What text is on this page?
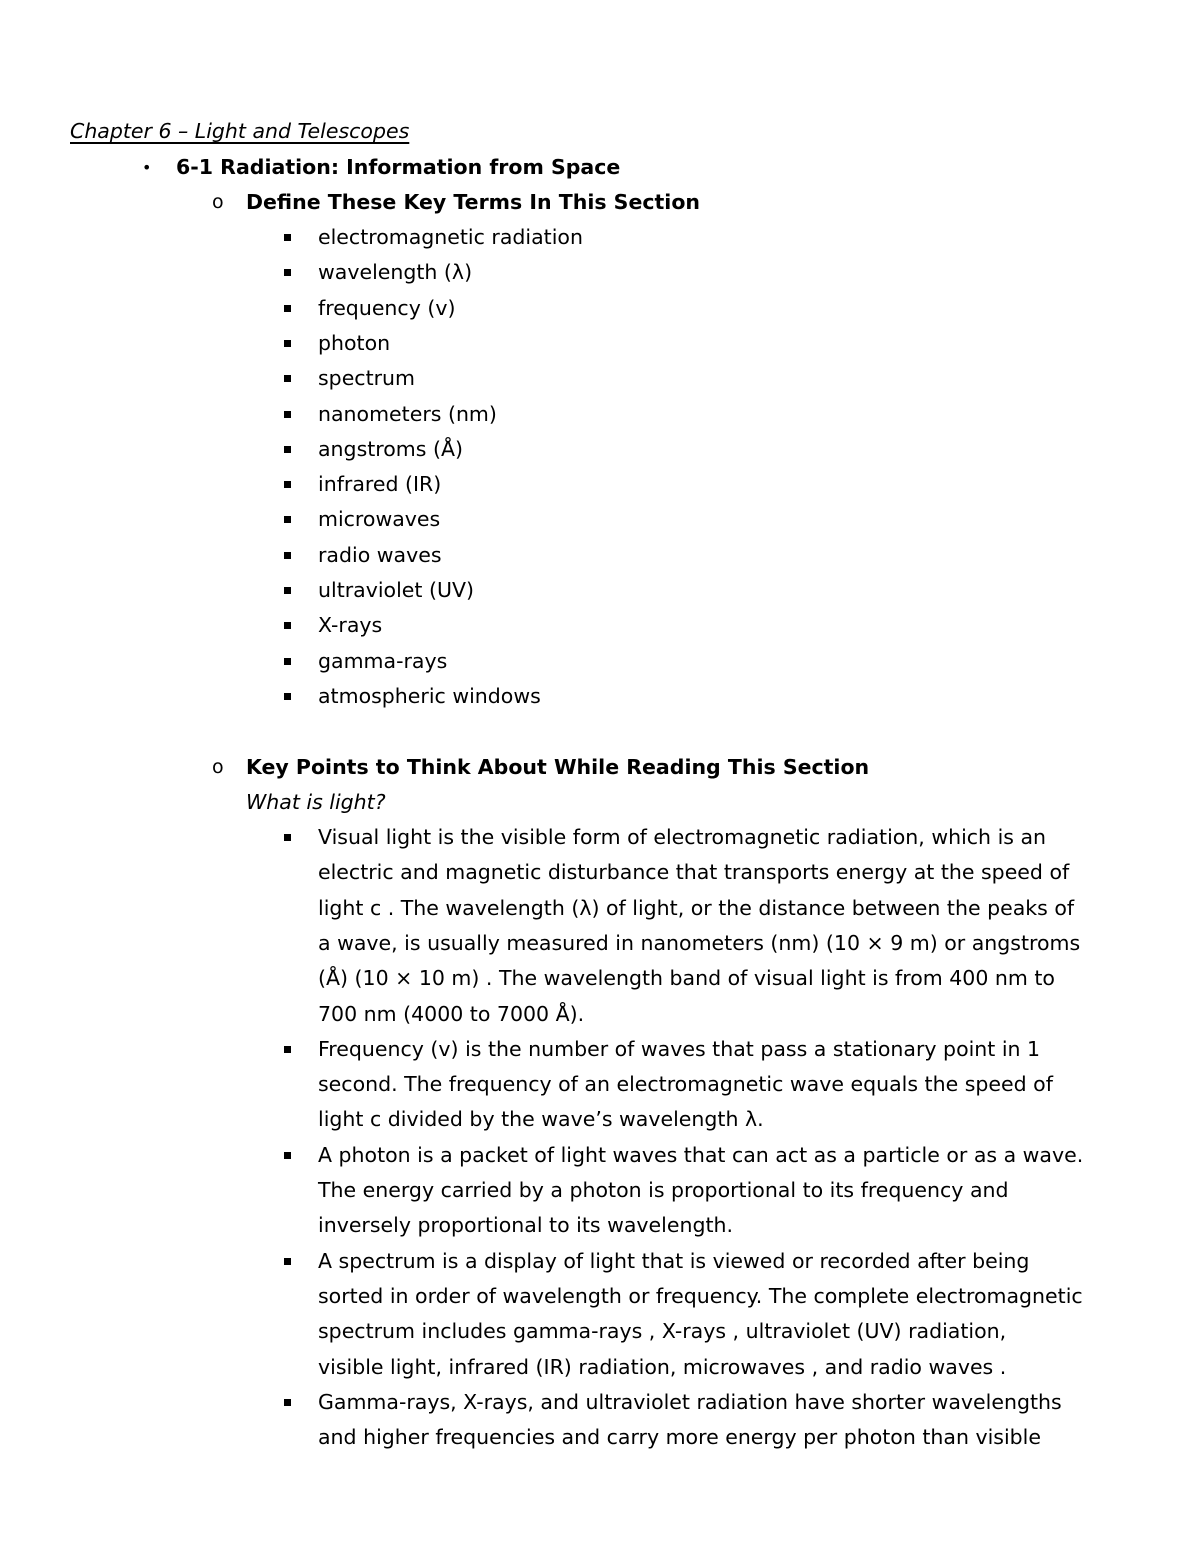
Chapter 6 – Light and Telescopes
• 6-1 Radiation: Information from Space
o Define These Key Terms In This Section
electromagnetic radiation
wavelength (λ)
frequency (v)
photon
spectrum
nanometers (nm)
angstroms (Å)
infrared (IR)
microwaves
radio waves
ultraviolet (UV)
X-rays
gamma-rays
atmospheric windows
o Key Points to Think About While Reading This Section
What is light?
Visual light is the visible form of electromagnetic radiation, which is an
electric and magnetic disturbance that transports energy at the speed of
light c . The wavelength (λ) of light, or the distance between the peaks of
a wave, is usually measured in nanometers (nm) (10 × 9 m) or angstroms
(Å) (10 × 10 m) . The wavelength band of visual light is from 400 nm to
700 nm (4000 to 7000 Å).
Frequency (v) is the number of waves that pass a stationary point in 1
second. The frequency of an electromagnetic wave equals the speed of
light c divided by the wave’s wavelength λ.
A photon is a packet of light waves that can act as a particle or as a wave.
The energy carried by a photon is proportional to its frequency and
inversely proportional to its wavelength.
A spectrum is a display of light that is viewed or recorded after being
sorted in order of wavelength or frequency. The complete electromagnetic
spectrum includes gamma-rays , X-rays , ultraviolet (UV) radiation,
visible light, infrared (IR) radiation, microwaves , and radio waves .
Gamma-rays, X-rays, and ultraviolet radiation have shorter wavelengths
and higher frequencies and carry more energy per photon than visible
